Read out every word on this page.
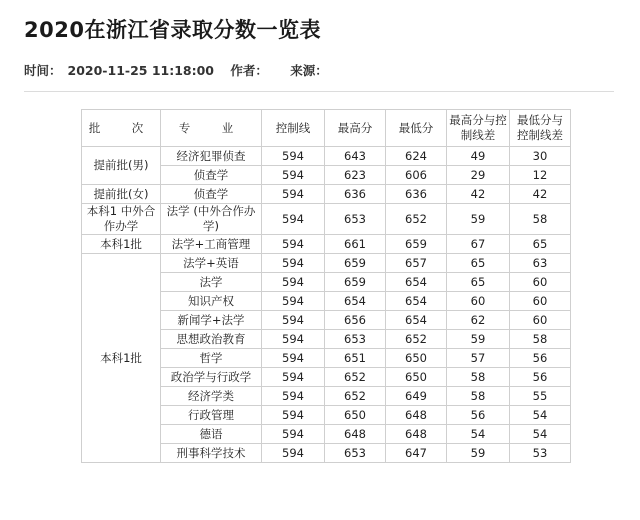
2020在浙江省录取分数一览表
时间： 2020-11-25 11:18:00 作者： 来源：
批　次	专　业	控制线	最高分	最低分	最高分与控制线差	最低分与控制线差
提前批(男)	经济犯罪侦查	594	643	624	49	30
	侦查学	594	623	606	29	12
提前批(女)	侦查学	594	636	636	42	42
本科1 中外合作办学	法学 (中外合作办学)	594	653	652	59	58
本科1批	法学+工商管理	594	661	659	67	65
本科1批	法学+英语	594	659	657	65	63
	法学	594	659	654	65	60
	知识产权	594	654	654	60	60
	新闻学+法学	594	656	654	62	60
	思想政治教育	594	653	652	59	58
	哲学	594	651	650	57	56
	政治学与行政学	594	652	650	58	56
	经济学类	594	652	649	58	55
	行政管理	594	650	648	56	54
	德语	594	648	648	54	54
	刑事科学技术	594	653	647	59	53
